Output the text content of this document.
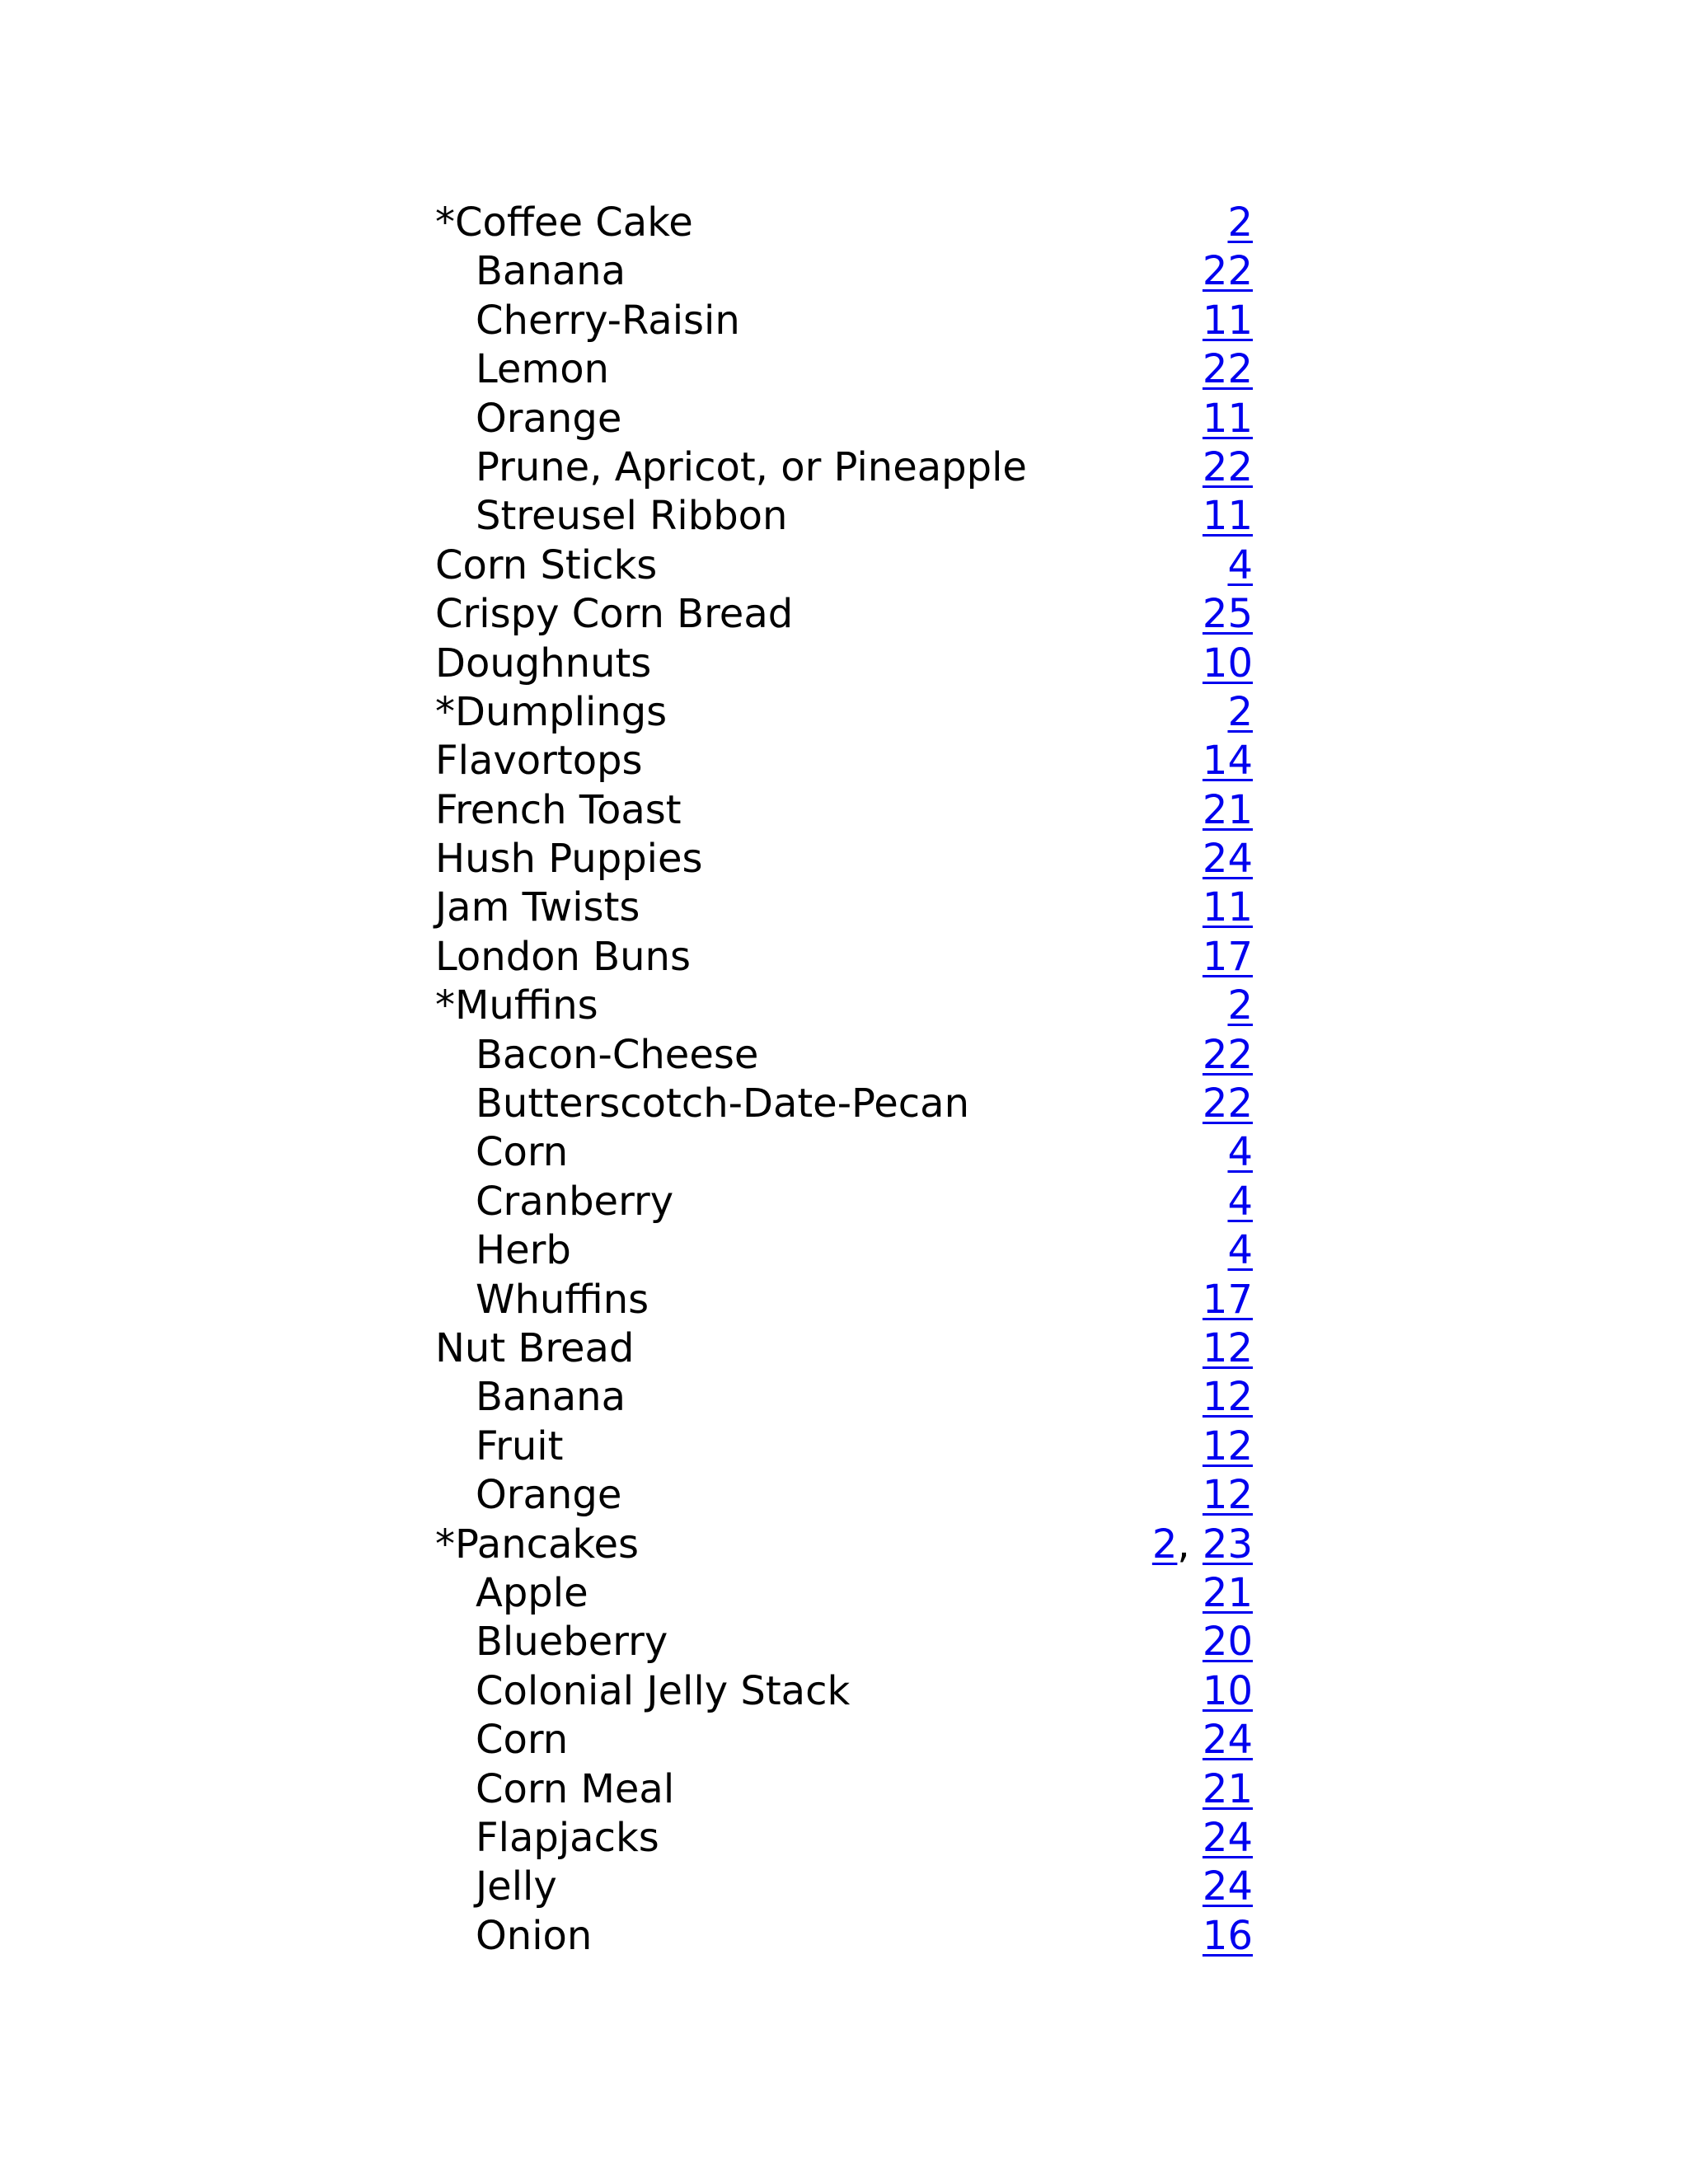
*Coffee Cake	2
Banana	22
Cherry-Raisin	11
Lemon	22
Orange	11
Prune, Apricot, or Pineapple	22
Streusel Ribbon	11
Corn Sticks	4
Crispy Corn Bread	25
Doughnuts	10
*Dumplings	2
Flavortops	14
French Toast	21
Hush Puppies	24
Jam Twists	11
London Buns	17
*Muffins	2
Bacon-Cheese	22
Butterscotch-Date-Pecan	22
Corn	4
Cranberry	4
Herb	4
Whuffins	17
Nut Bread	12
Banana	12
Fruit	12
Orange	12
*Pancakes	2, 23
Apple	21
Blueberry	20
Colonial Jelly Stack	10
Corn	24
Corn Meal	21
Flapjacks	24
Jelly	24
Onion	16
